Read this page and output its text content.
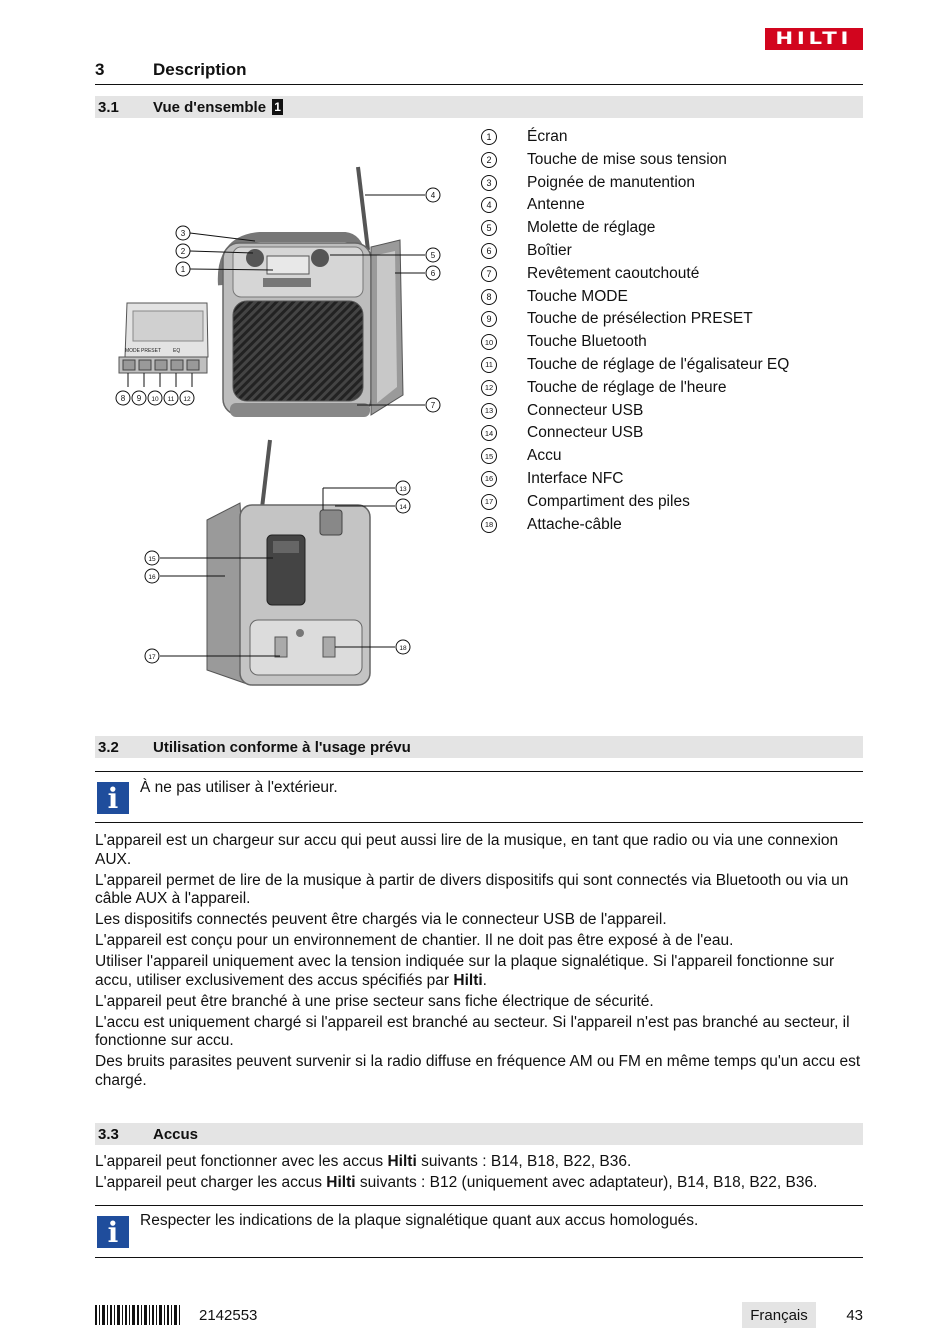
HILTI
3	Description
3.1 Vue d'ensemble 1
MODE PRESET EQ
3
2
1
4
5
6
7
8 9 10 11 12
13
14
15
16
17
18
1	Écran
2	Touche de mise sous tension
3	Poignée de manutention
4	Antenne
5	Molette de réglage
6	Boîtier
7	Revêtement caoutchouté
8	Touche MODE
9	Touche de présélection PRESET
10 Touche Bluetooth
11 Touche de réglage de l'égalisateur EQ
12 Touche de réglage de l'heure
13 Connecteur USB
14 Connecteur USB
15 Accu
16 Interface NFC
17 Compartiment des piles
18 Attache-câble
3.2 Utilisation conforme à l'usage prévu
i	À ne pas utiliser à l'extérieur.

L'appareil est un chargeur sur accu qui peut aussi lire de la musique, en tant que radio ou via une connexion AUX.

L'appareil permet de lire de la musique à partir de divers dispositifs qui sont connectés via Bluetooth ou via un câble AUX à l'appareil.

Les dispositifs connectés peuvent être chargés via le connecteur USB de l'appareil.

L'appareil est conçu pour un environnement de chantier. Il ne doit pas être exposé à de l'eau.

Utiliser l'appareil uniquement avec la tension indiquée sur la plaque signalétique. Si l'appareil fonctionne sur accu, utiliser exclusivement des accus spécifiés par Hilti.

L'appareil peut être branché à une prise secteur sans fiche électrique de sécurité.

L'accu est uniquement chargé si l'appareil est branché au secteur. Si l'appareil n'est pas branché au secteur, il fonctionne sur accu.

Des bruits parasites peuvent survenir si la radio diffuse en fréquence AM ou FM en même temps qu'un accu est chargé.

3.3 Accus

L'appareil peut fonctionner avec les accus Hilti suivants : B14, B18, B22, B36.

L'appareil peut charger les accus Hilti suivants : B12 (uniquement avec adaptateur), B14, B18, B22, B36.

i	Respecter les indications de la plaque signalétique quant aux accus homologués.
2142553	Français	43
